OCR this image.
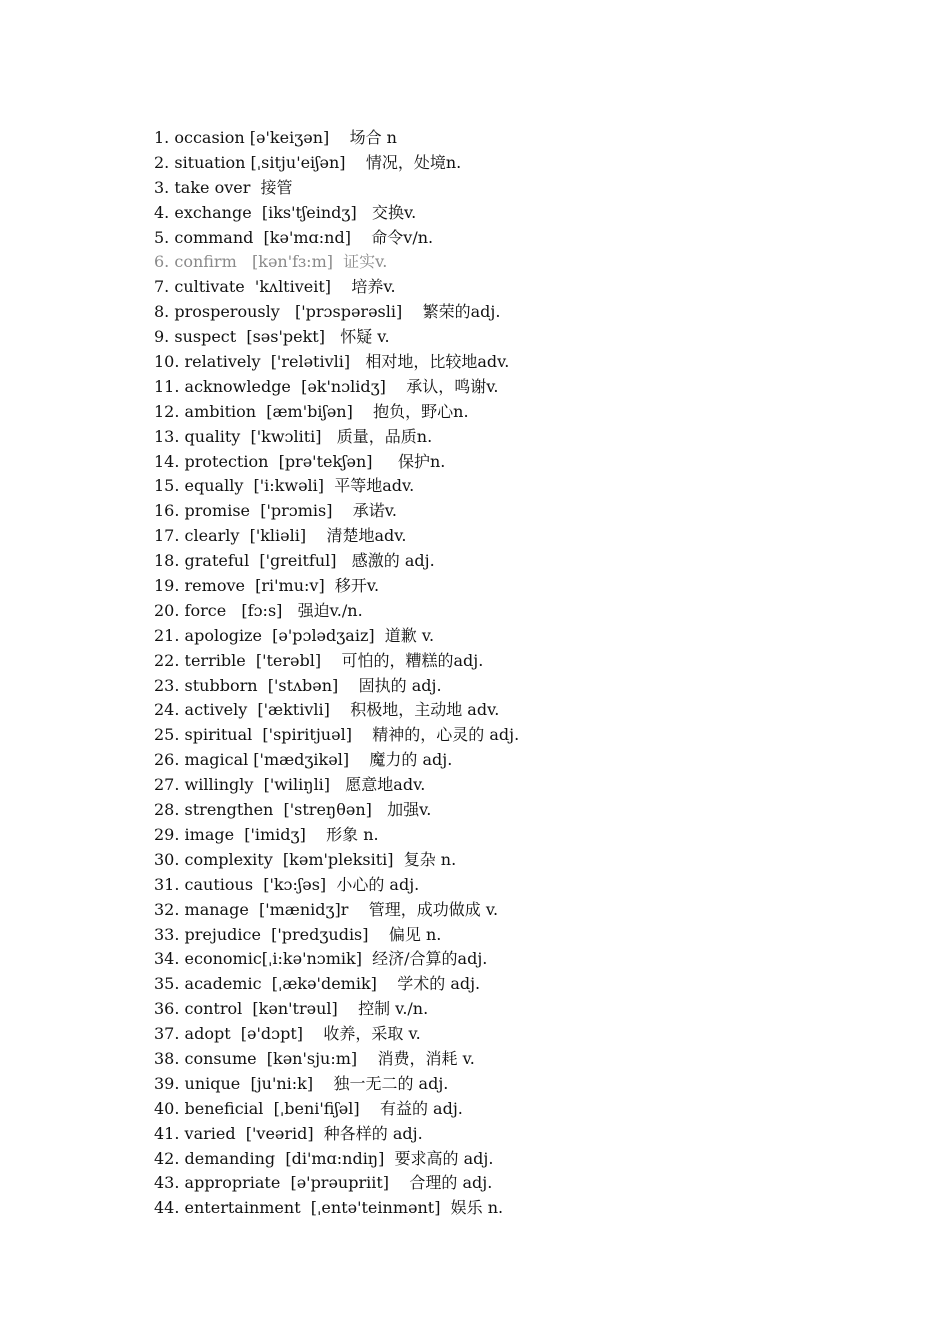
1. occasion [ə'keiʒən]    场合 n
2. situation [ˌsitju'eiʃən]    情况，处境n.
3. take over  接管
4. exchange  [iks'tʃeindʒ]   交换v.
5. command  [kə'mɑ:nd]    命令v/n.
6. confirm   [kən'fɜ:m]  证实v.
7. cultivate  'kʌltiveit]    培养v.
8. prosperously   ['prɔspərəsli]    繁荣的adj.
9. suspect  [səs'pekt]   怀疑 v.
10. relatively  ['relətivli]   相对地，比较地adv.
11. acknowledge  [ək'nɔlidʒ]    承认，鸣谢v.
12. ambition  [æm'biʃən]    抱负，野心n.
13. quality  ['kwɔliti]   质量，品质n.
14. protection  [prə'tekʃən]     保护n.
15. equally  ['i:kwəli]  平等地adv.
16. promise  ['prɔmis]    承诺v.
17. clearly  ['kliəli]    清楚地adv.
18. grateful  ['greitful]   感激的 adj.
19. remove  [ri'mu:v]  移开v.
20. force   [fɔ:s]   强迫v./n.
21. apologize  [ə'pɔlədʒaiz]  道歉 v.
22. terrible  ['terəbl]    可怕的，糟糕的adj.
23. stubborn  ['stʌbən]    固执的 adj.
24. actively  ['æktivli]    积极地，主动地 adv.
25. spiritual  ['spiritjuəl]    精神的，心灵的 adj.
26. magical ['mædʒikəl]    魔力的 adj.
27. willingly  ['wiliŋli]   愿意地adv.
28. strengthen  ['streŋθən]   加强v.
29. image  ['imidʒ]    形象 n.
30. complexity  [kəm'pleksiti]  复杂 n.
31. cautious  ['kɔ:ʃəs]  小心的 adj.
32. manage  ['mænidʒ]r    管理，成功做成 v.
33. prejudice  ['predʒudis]    偏见 n.
34. economic[ˌi:kə'nɔmik]  经济/合算的adj.
35. academic  [ˌækə'demik]    学术的 adj.
36. control  [kən'trəul]    控制 v./n.
37. adopt  [ə'dɔpt]    收养，采取 v.
38. consume  [kən'sju:m]    消费，消耗 v.
39. unique  [ju'ni:k]    独一无二的 adj.
40. beneficial  [ˌbeni'fiʃəl]    有益的 adj.
41. varied  ['veərid]  种各样的 adj.
42. demanding  [di'mɑ:ndiŋ]  要求高的 adj.
43. appropriate  [ə'prəupriit]    合理的 adj.
44. entertainment  [ˌentə'teinmənt]  娱乐 n.
